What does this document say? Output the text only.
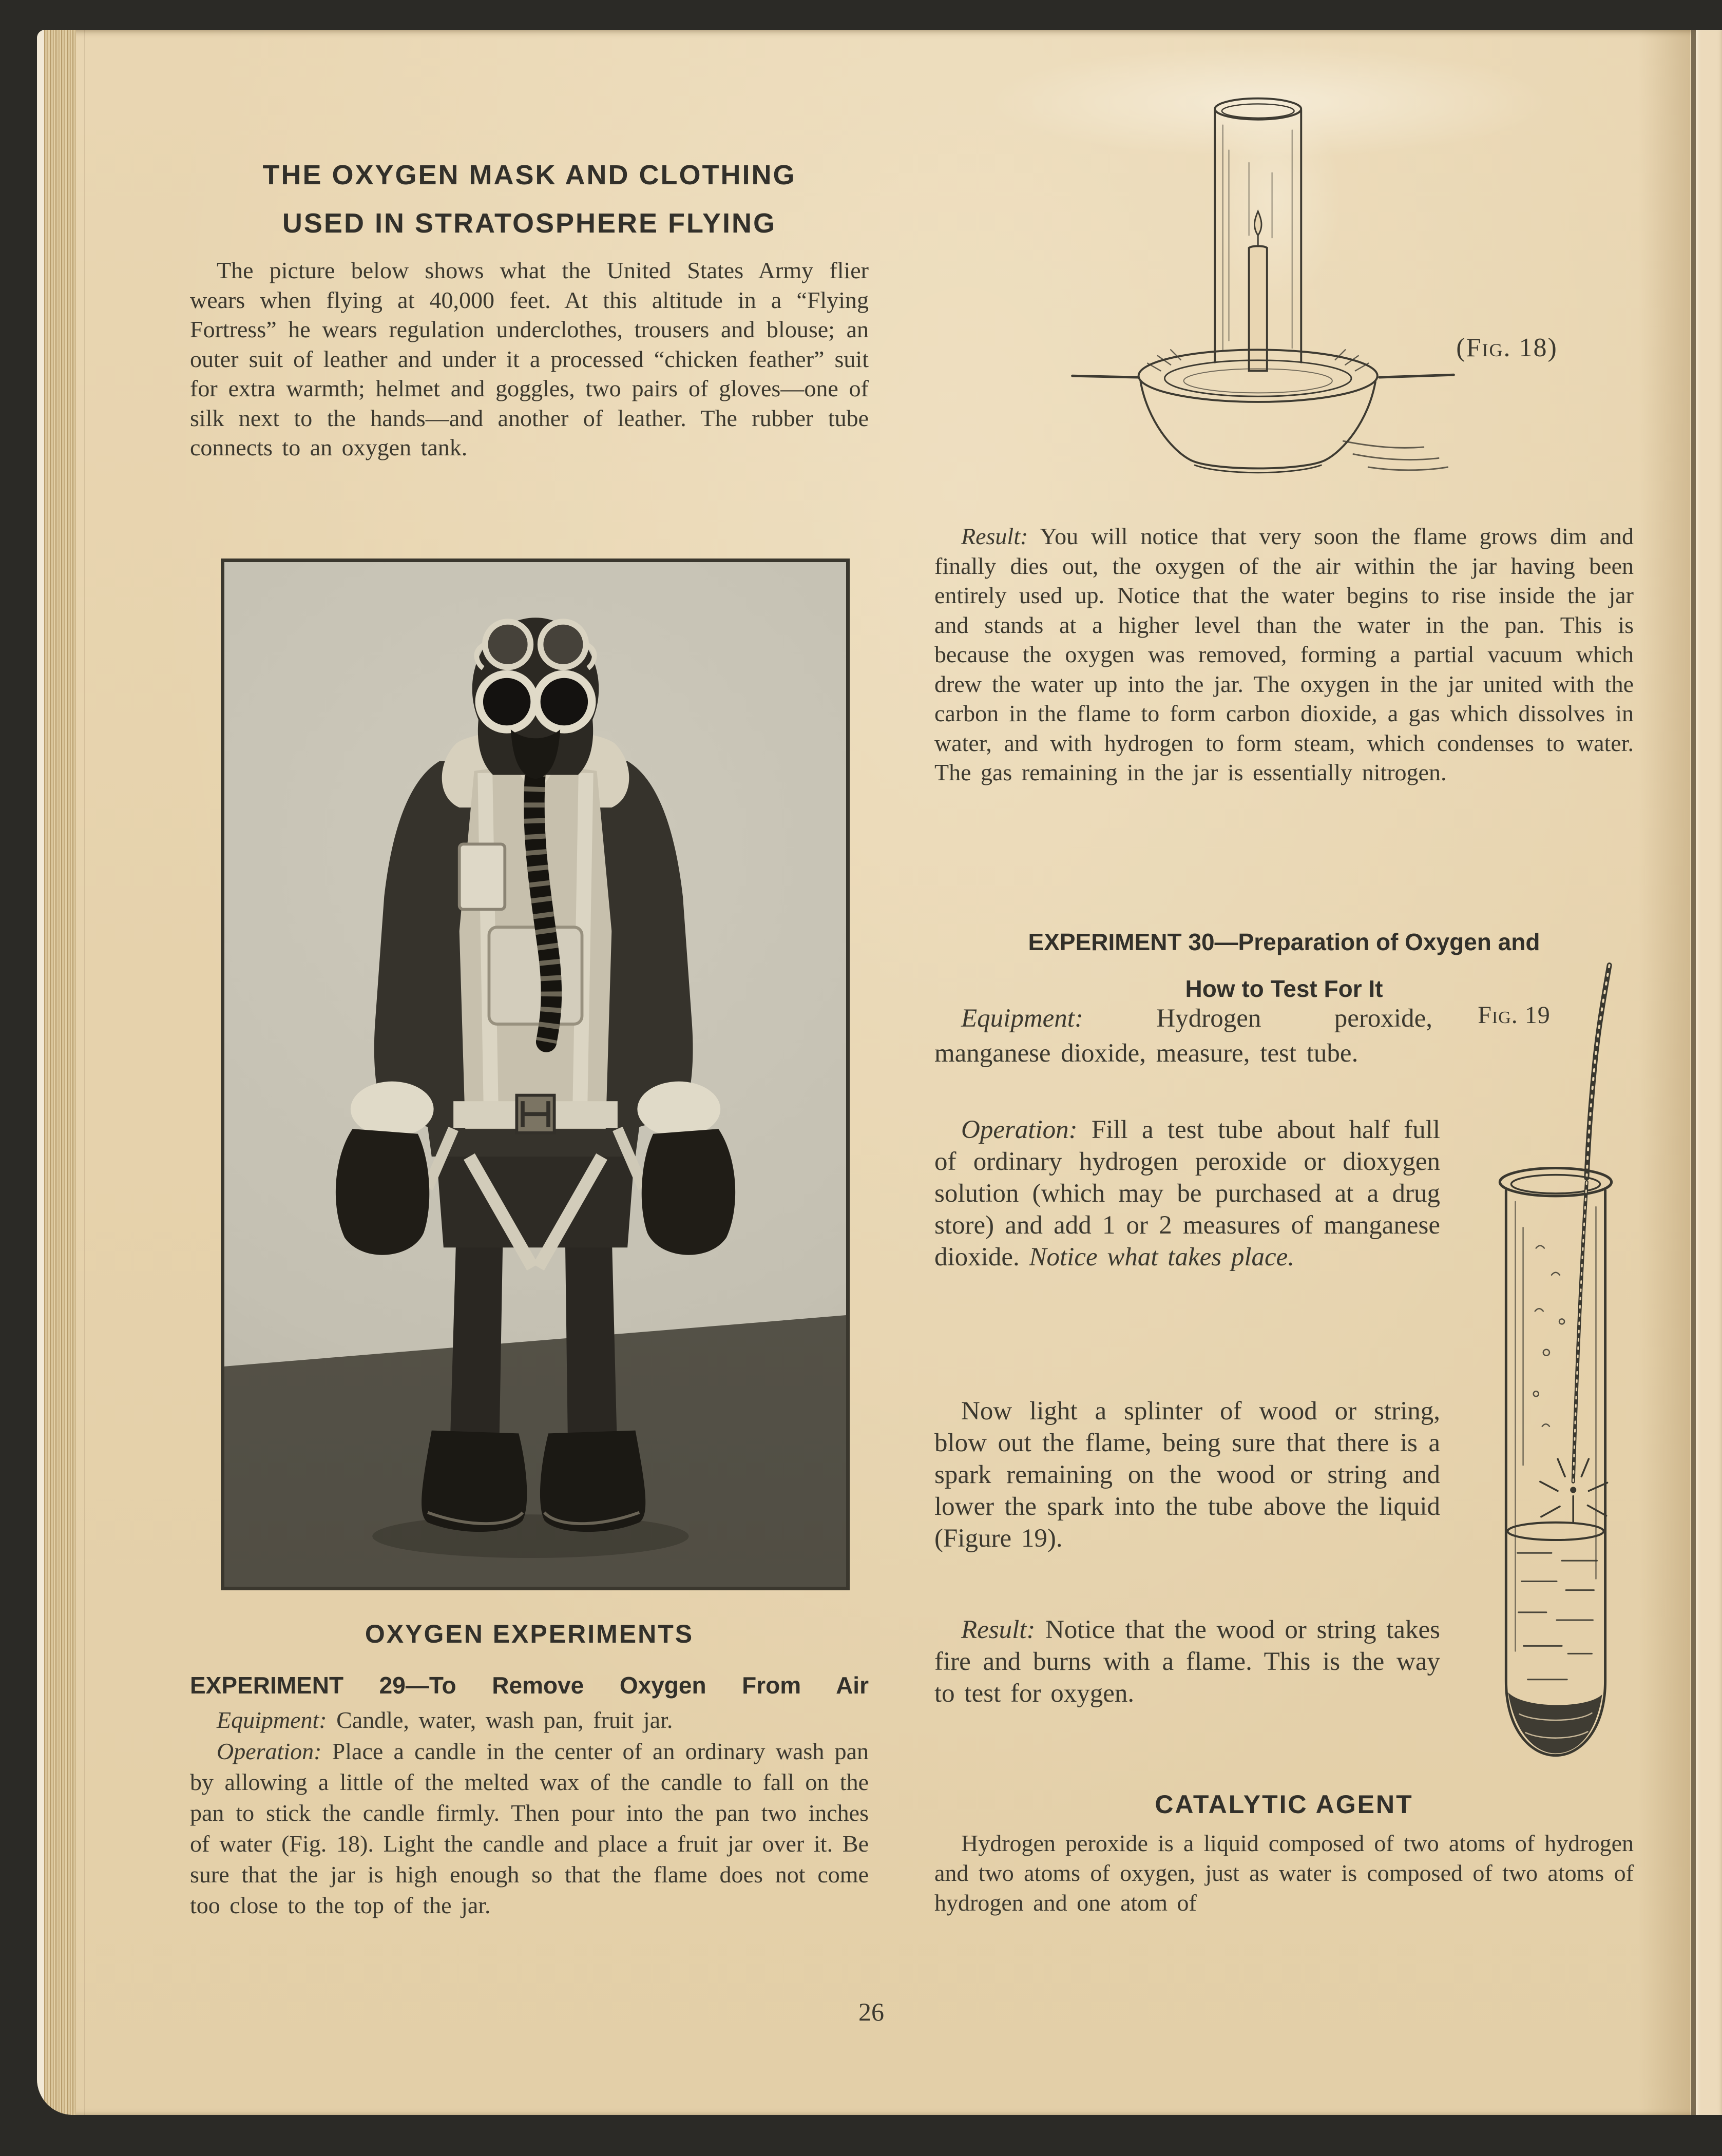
THE OXYGEN MASK AND CLOTHING
USED IN STRATOSPHERE FLYING

The picture below shows what the United States Army flier wears when flying at 40,000 feet. At this altitude in a “Flying Fortress” he wears regulation underclothes, trousers and blouse; an outer suit of leather and under it a processed “chicken feather” suit for extra warmth; helmet and goggles, two pairs of gloves—one of silk next to the hands—and another of leather. The rubber tube connects to an oxygen tank.

OXYGEN EXPERIMENTS
EXPERIMENT 29—To Remove Oxygen From Air

Equipment: Candle, water, wash pan, fruit jar.

Operation: Place a candle in the center of an ordinary wash pan by allowing a little of the melted wax of the candle to fall on the pan to stick the candle firmly. Then pour into the pan two inches of water (Fig. 18). Light the candle and place a fruit jar over it. Be sure that the jar is high enough so that the flame does not come too close to the top of the jar.

(Fig. 18)

Result: You will notice that very soon the flame grows dim and finally dies out, the oxygen of the air within the jar having been entirely used up. Notice that the water begins to rise inside the jar and stands at a higher level than the water in the pan. This is because the oxygen was removed, forming a partial vacuum which drew the water up into the jar. The oxygen in the jar united with the carbon in the flame to form carbon dioxide, a gas which dissolves in water, and with hydrogen to form steam, which condenses to water. The gas remaining in the jar is essentially nitrogen.

EXPERIMENT 30—Preparation of Oxygen and
How to Test For It

Equipment: Hydrogen peroxide, manganese dioxide, measure, test tube.

Fig. 19

Operation: Fill a test tube about half full of ordinary hydrogen peroxide or dioxygen solution (which may be purchased at a drug store) and add 1 or 2 measures of manganese dioxide. Notice what takes place.

Now light a splinter of wood or string, blow out the flame, being sure that there is a spark remaining on the wood or string and lower the spark into the tube above the liquid (Figure 19).

Result: Notice that the wood or string takes fire and burns with a flame. This is the way to test for oxygen.

CATALYTIC AGENT

Hydrogen peroxide is a liquid composed of two atoms of hydrogen and two atoms of oxygen, just as water is composed of two atoms of hydrogen and one atom of

26
